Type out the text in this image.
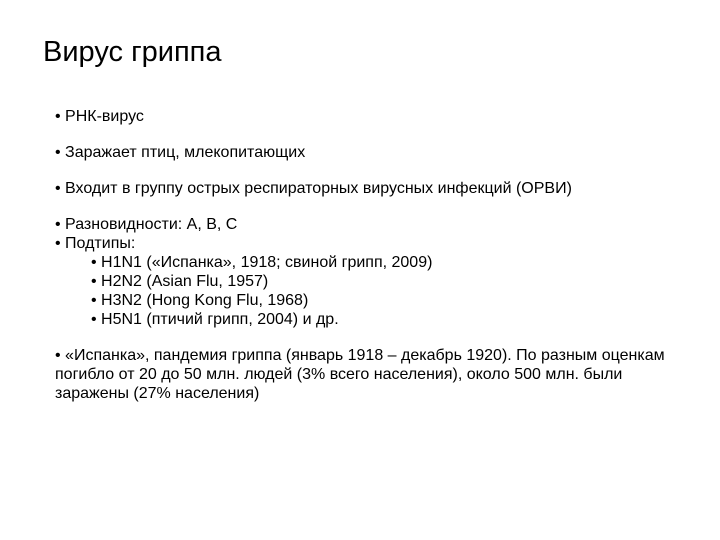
Вирус гриппа
• РНК-вирус
• Заражает птиц, млекопитающих
• Входит в группу острых респираторных вирусных инфекций (ОРВИ)
• Разновидности: А, В, С
• Подтипы:
• H1N1 («Испанка», 1918; свиной грипп, 2009)
• H2N2 (Asian Flu, 1957)
• H3N2 (Hong Kong Flu, 1968)
• H5N1 (птичий грипп, 2004) и др.
• «Испанка», пандемия гриппа (январь 1918 – декабрь 1920). По разным оценкам погибло от 20 до 50 млн. людей (3% всего населения), около 500 млн. были заражены (27% населения)
